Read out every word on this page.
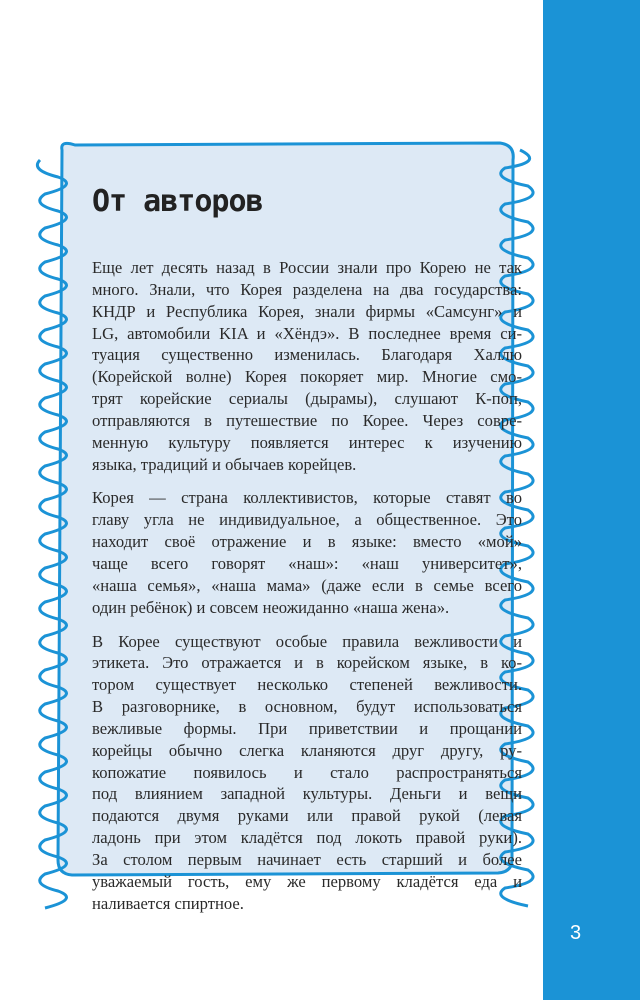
3
От авторов
Еще лет десять назад в России знали про Корею не так
много. Знали, что Корея разделена на два государства:
КНДР и Республика Корея, знали фирмы «Самсунг» и
LG, автомобили KIA и «Хёндэ». В последнее время си-
туация существенно изменилась. Благодаря Халлю
(Корейской волне) Корея покоряет мир. Многие смо-
трят корейские сериалы (дырамы), слушают К-поп,
отправляются в путешествие по Корее. Через совре-
менную культуру появляется интерес к изучению
языка, традиций и обычаев корейцев.
Корея — страна коллективистов, которые ставят во
главу угла не индивидуальное, а общественное. Это
находит своё отражение и в языке: вместо «мой»
чаще всего говорят «наш»: «наш университет»,
«наша семья», «наша мама» (даже если в семье всего
один ребёнок) и совсем неожиданно «наша жена».
В Корее существуют особые правила вежливости и
этикета. Это отражается и в корейском языке, в ко-
тором существует несколько степеней вежливости.
В разговорнике, в основном, будут использоваться
вежливые формы. При приветствии и прощании
корейцы обычно слегка кланяются друг другу, ру-
копожатие появилось и стало распространяться
под влиянием западной культуры. Деньги и вещи
подаются двумя руками или правой рукой (левая
ладонь при этом кладётся под локоть правой руки).
За столом первым начинает есть старший и более
уважаемый гость, ему же первому кладётся еда и
наливается спиртное.
